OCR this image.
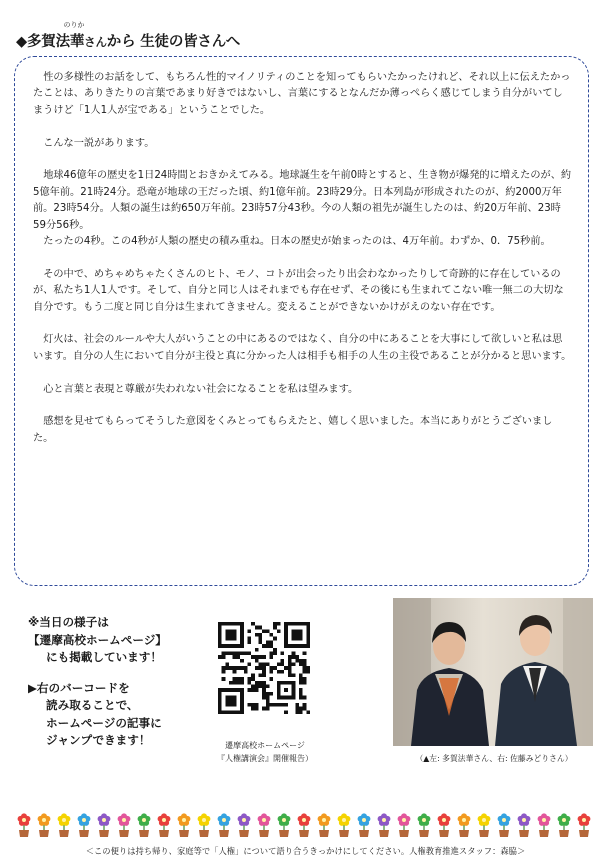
◆多賀
のりか
法華さんから 生徒の皆さんへ

性の多様性のお話をして、もちろん性的マイノリティのことを知ってもらいたかったけれど、それ以上に伝えたかったことは、ありきたりの言葉であまり好きではないし、言葉にするとなんだか薄っぺらく感じてしまう自分がいてしまうけど「1人1人が宝である」ということでした。

こんな一説があります。

地球46億年の歴史を1日24時間とおきかえてみる。地球誕生を午前0時とすると、生き物が爆発的に増えたのが、約5億年前。21時24分。恐竜が地球の王だった頃、約1億年前。23時29分。日本列島が形成されたのが、約2000万年前。23時54分。人類の誕生は約650万年前。23時57分43秒。今の人類の祖先が誕生したのは、約20万年前、23時59分56秒。

たったの4秒。この4秒が人類の歴史の積み重ね。日本の歴史が始まったのは、4万年前。わずか、0．75秒前。

その中で、めちゃめちゃたくさんのヒト、モノ、コトが出会ったり出会わなかったりして奇跡的に存在しているのが、私たち1人1人です。そして、自分と同じ人はそれまでも存在せず、その後にも生まれてこない唯一無二の大切な自分です。もう二度と同じ自分は生まれてきません。変えることができないかけがえのない存在です。

灯火は、社会のルールや大人がいうことの中にあるのではなく、自分の中にあることを大事にして欲しいと私は思います。自分の人生において自分が主役と真に分かった人は相手も相手の人生の主役であることが分かると思います。

心と言葉と表現と尊厳が失われない社会になることを私は望みます。

感想を見せてもらってそうした意図をくみとってもらえたと、嬉しく思いました。本当にありがとうございました。

※当日の様子は
【遷摩高校ホームページ】
にも掲載しています！
▶右のバーコードを
読み取ることで、
ホームページの記事に
ジャンプできます！	遷摩高校ホームページ
『人権講演会』開催報告）	（▲左: 多賀法華さん、右: 佐藤みどりさん）
＜この便りは持ち帰り、家庭等で「人権」について語り合うきっかけにしてください。人権教育推進スタッフ：森脇＞
